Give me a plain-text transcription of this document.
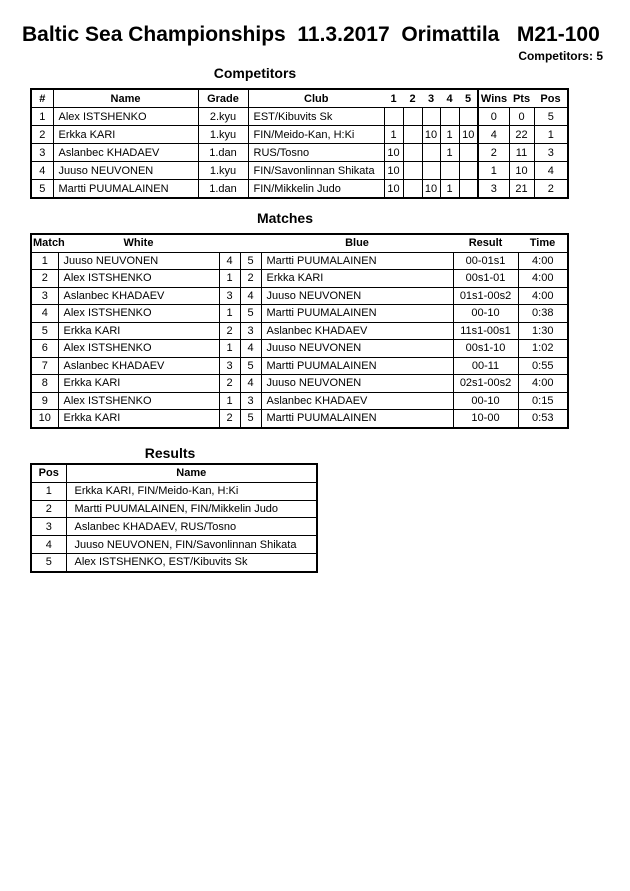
Baltic Sea Championships  11.3.2017  Orimattila   M21-100
Competitors: 5
Competitors
#	Name	Grade	Club	1	2	3	4	5	Wins	Pts	Pos
1	Alex ISTSHENKO	2.kyu	EST/Kibuvits Sk						0	0	5
2	Erkka KARI	1.kyu	FIN/Meido-Kan, H:Ki	1		10	1	10	4	22	1
3	Aslanbec KHADAEV	1.dan	RUS/Tosno	10			1		2	11	3
4	Juuso NEUVONEN	1.kyu	FIN/Savonlinnan Shikata	10					1	10	4
5	Martti PUUMALAINEN	1.dan	FIN/Mikkelin Judo	10		10	1		3	21	2
Matches
Match	White			Blue	Result	Time
1	Juuso NEUVONEN	4	5	Martti PUUMALAINEN	00-01s1	4:00
2	Alex ISTSHENKO	1	2	Erkka KARI	00s1-01	4:00
3	Aslanbec KHADAEV	3	4	Juuso NEUVONEN	01s1-00s2	4:00
4	Alex ISTSHENKO	1	5	Martti PUUMALAINEN	00-10	0:38
5	Erkka KARI	2	3	Aslanbec KHADAEV	11s1-00s1	1:30
6	Alex ISTSHENKO	1	4	Juuso NEUVONEN	00s1-10	1:02
7	Aslanbec KHADAEV	3	5	Martti PUUMALAINEN	00-11	0:55
8	Erkka KARI	2	4	Juuso NEUVONEN	02s1-00s2	4:00
9	Alex ISTSHENKO	1	3	Aslanbec KHADAEV	00-10	0:15
10	Erkka KARI	2	5	Martti PUUMALAINEN	10-00	0:53
Results
Pos	Name
1	Erkka KARI, FIN/Meido-Kan, H:Ki
2	Martti PUUMALAINEN, FIN/Mikkelin Judo
3	Aslanbec KHADAEV, RUS/Tosno
4	Juuso NEUVONEN, FIN/Savonlinnan Shikata
5	Alex ISTSHENKO, EST/Kibuvits Sk
